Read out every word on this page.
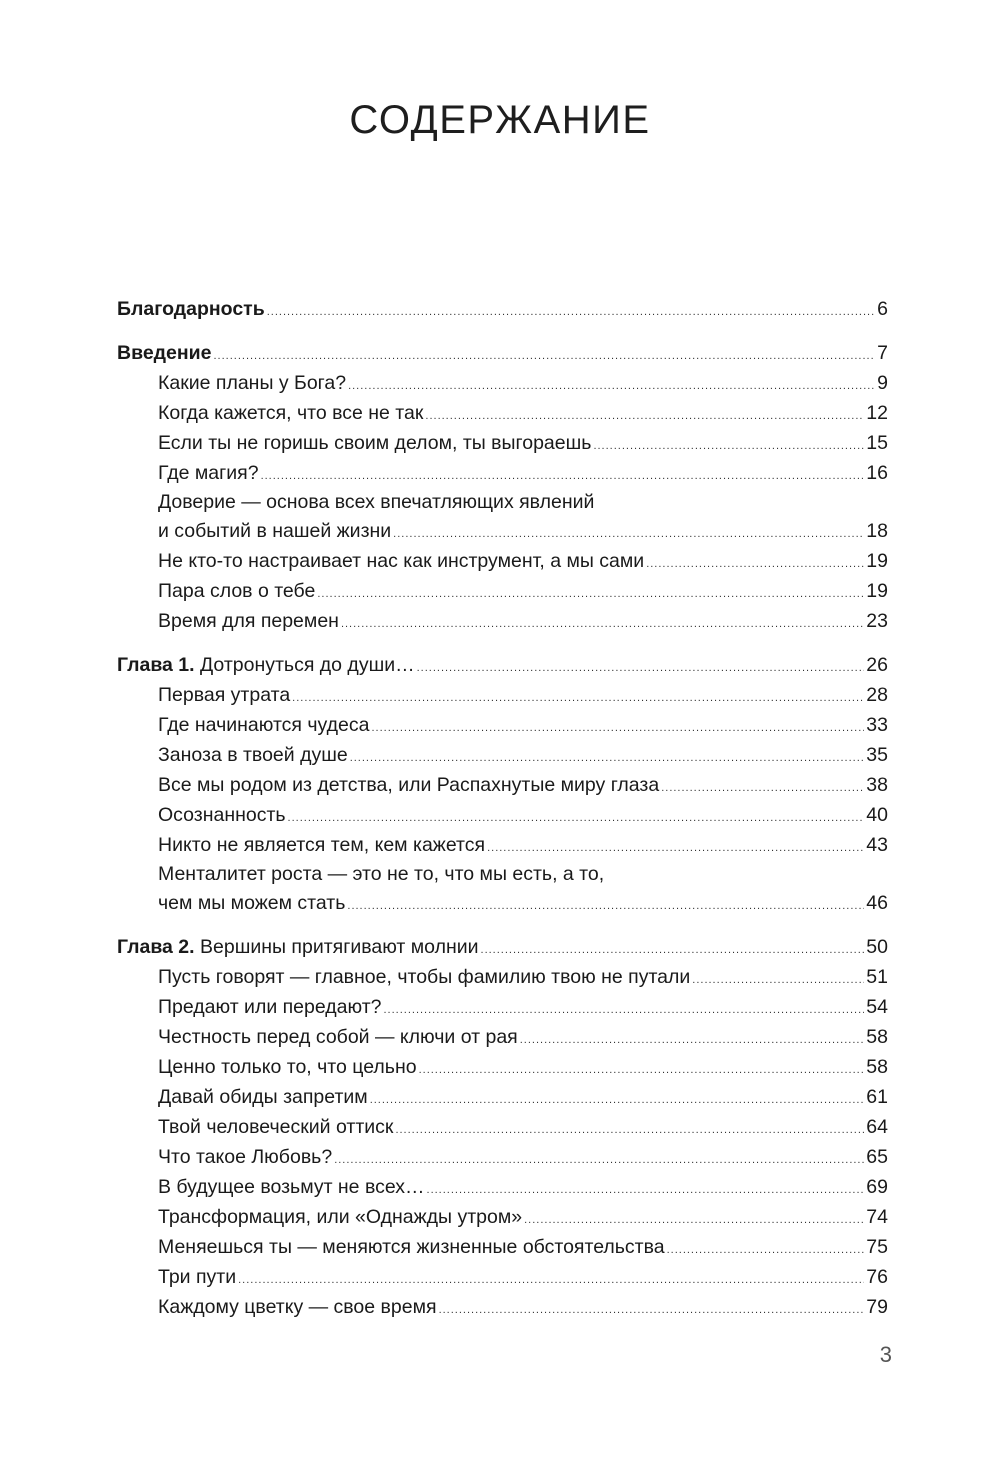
СОДЕРЖАНИЕ
Благодарность .....	6
Введение .....	7
Какие планы у Бога? .....	9
Когда кажется, что все не так .....	12
Если ты не горишь своим делом, ты выгораешь .....	15
Где магия? .....	16
Доверие — основа всех впечатляющих явлений
и событий в нашей жизни .....	18
Не кто-то настраивает нас как инструмент, а мы сами .....	19
Пара слов о тебе .....	19
Время для перемен .....	23
Глава 1. Дотронуться до души… .....	26
Первая утрата .....	28
Где начинаются чудеса .....	33
Заноза в твоей душе .....	35
Все мы родом из детства, или Распахнутые миру глаза .....	38
Осознанность .....	40
Никто не является тем, кем кажется .....	43
Менталитет роста — это не то, что мы есть, а то,
чем мы можем стать .....	46
Глава 2. Вершины притягивают молнии .....	50
Пусть говорят — главное, чтобы фамилию твою не путали .....	51
Предают или передают? .....	54
Честность перед собой — ключи от рая .....	58
Ценно только то, что цельно .....	58
Давай обиды запретим .....	61
Твой человеческий оттиск .....	64
Что такое Любовь? .....	65
В будущее возьмут не всех… .....	69
Трансформация, или «Однажды утром» .....	74
Меняешься ты — меняются жизненные обстоятельства .....	75
Три пути .....	76
Каждому цветку — свое время .....	79
3
